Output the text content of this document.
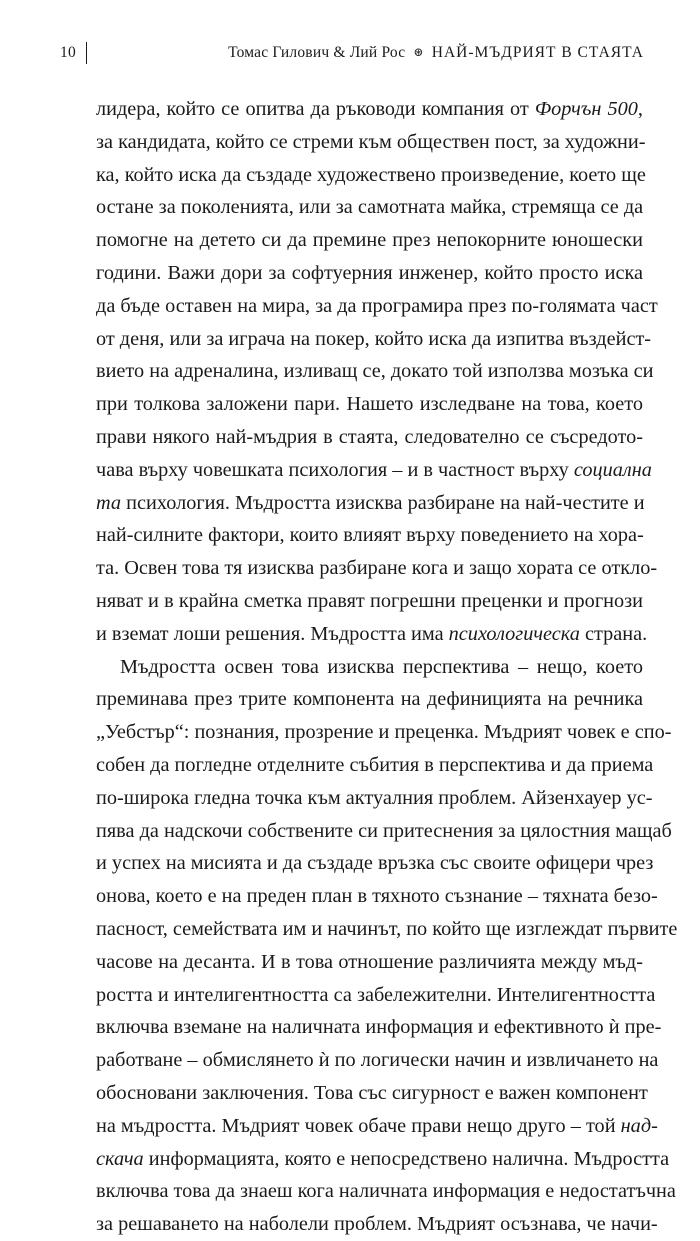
10	Томас Гилович & Лий Рос ⊛ НАЙ-МЪДРИЯТ В СТАЯТА
лидера, който се опитва да ръководи компания от Форчън 500,
за кандидата, който се стреми към обществен пост, за художни-
ка, който иска да създаде художествено произведение, което ще
остане за поколенията, или за самотната майка, стремяща се да
помогне на детето си да премине през непокорните юношески
години. Важи дори за софтуерния инженер, който просто иска
да бъде оставен на мира, за да програмира през по-голямата част
от деня, или за играча на покер, който иска да изпитва въздейст-
вието на адреналина, изливащ се, докато той използва мозъка си
при толкова заложени пари. Нашето изследване на това, което
прави някого най-мъдрия в стаята, следователно се съсредото-
чава върху човешката психология – и в частност върху социална
та психология. Мъдростта изисква разбиране на най-честите и
най-силните фактори, които влияят върху поведението на хора-
та. Освен това тя изисква разбиране кога и защо хората се откло-
няват и в крайна сметка правят погрешни преценки и прогнози
и вземат лоши решения. Мъдростта има психологическа страна.
Мъдростта освен това изисква перспектива – нещо, което
преминава през трите компонента на дефиницията на речника
„Уебстър“: познания, прозрение и преценка. Мъдрият човек е спо-
собен да погледне отделните събития в перспектива и да приема
по-широка гледна точка към актуалния проблем. Айзенхауер ус-
пява да надскочи собствените си притеснения за цялостния мащаб
и успех на мисията и да създаде връзка със своите офицери чрез
онова, което е на преден план в тяхното съзнание – тяхната безо-
пасност, семействата им и начинът, по който ще изглеждат първите
часове на десанта. И в това отношение различията между мъд-
ростта и интелигентността са забележителни. Интелигентността
включва вземане на наличната информация и ефективното ѝ пре-
работване – обмислянето ѝ по логически начин и извличането на
обосновани заключения. Това със сигурност е важен компонент
на мъдростта. Мъдрият човек обаче прави нещо друго – той над-
скача информацията, която е непосредствено налична. Мъдростта
включва това да знаеш кога наличната информация е недостатъчна
за решаването на наболели проблем. Мъдрият осъзнава, че начи-
